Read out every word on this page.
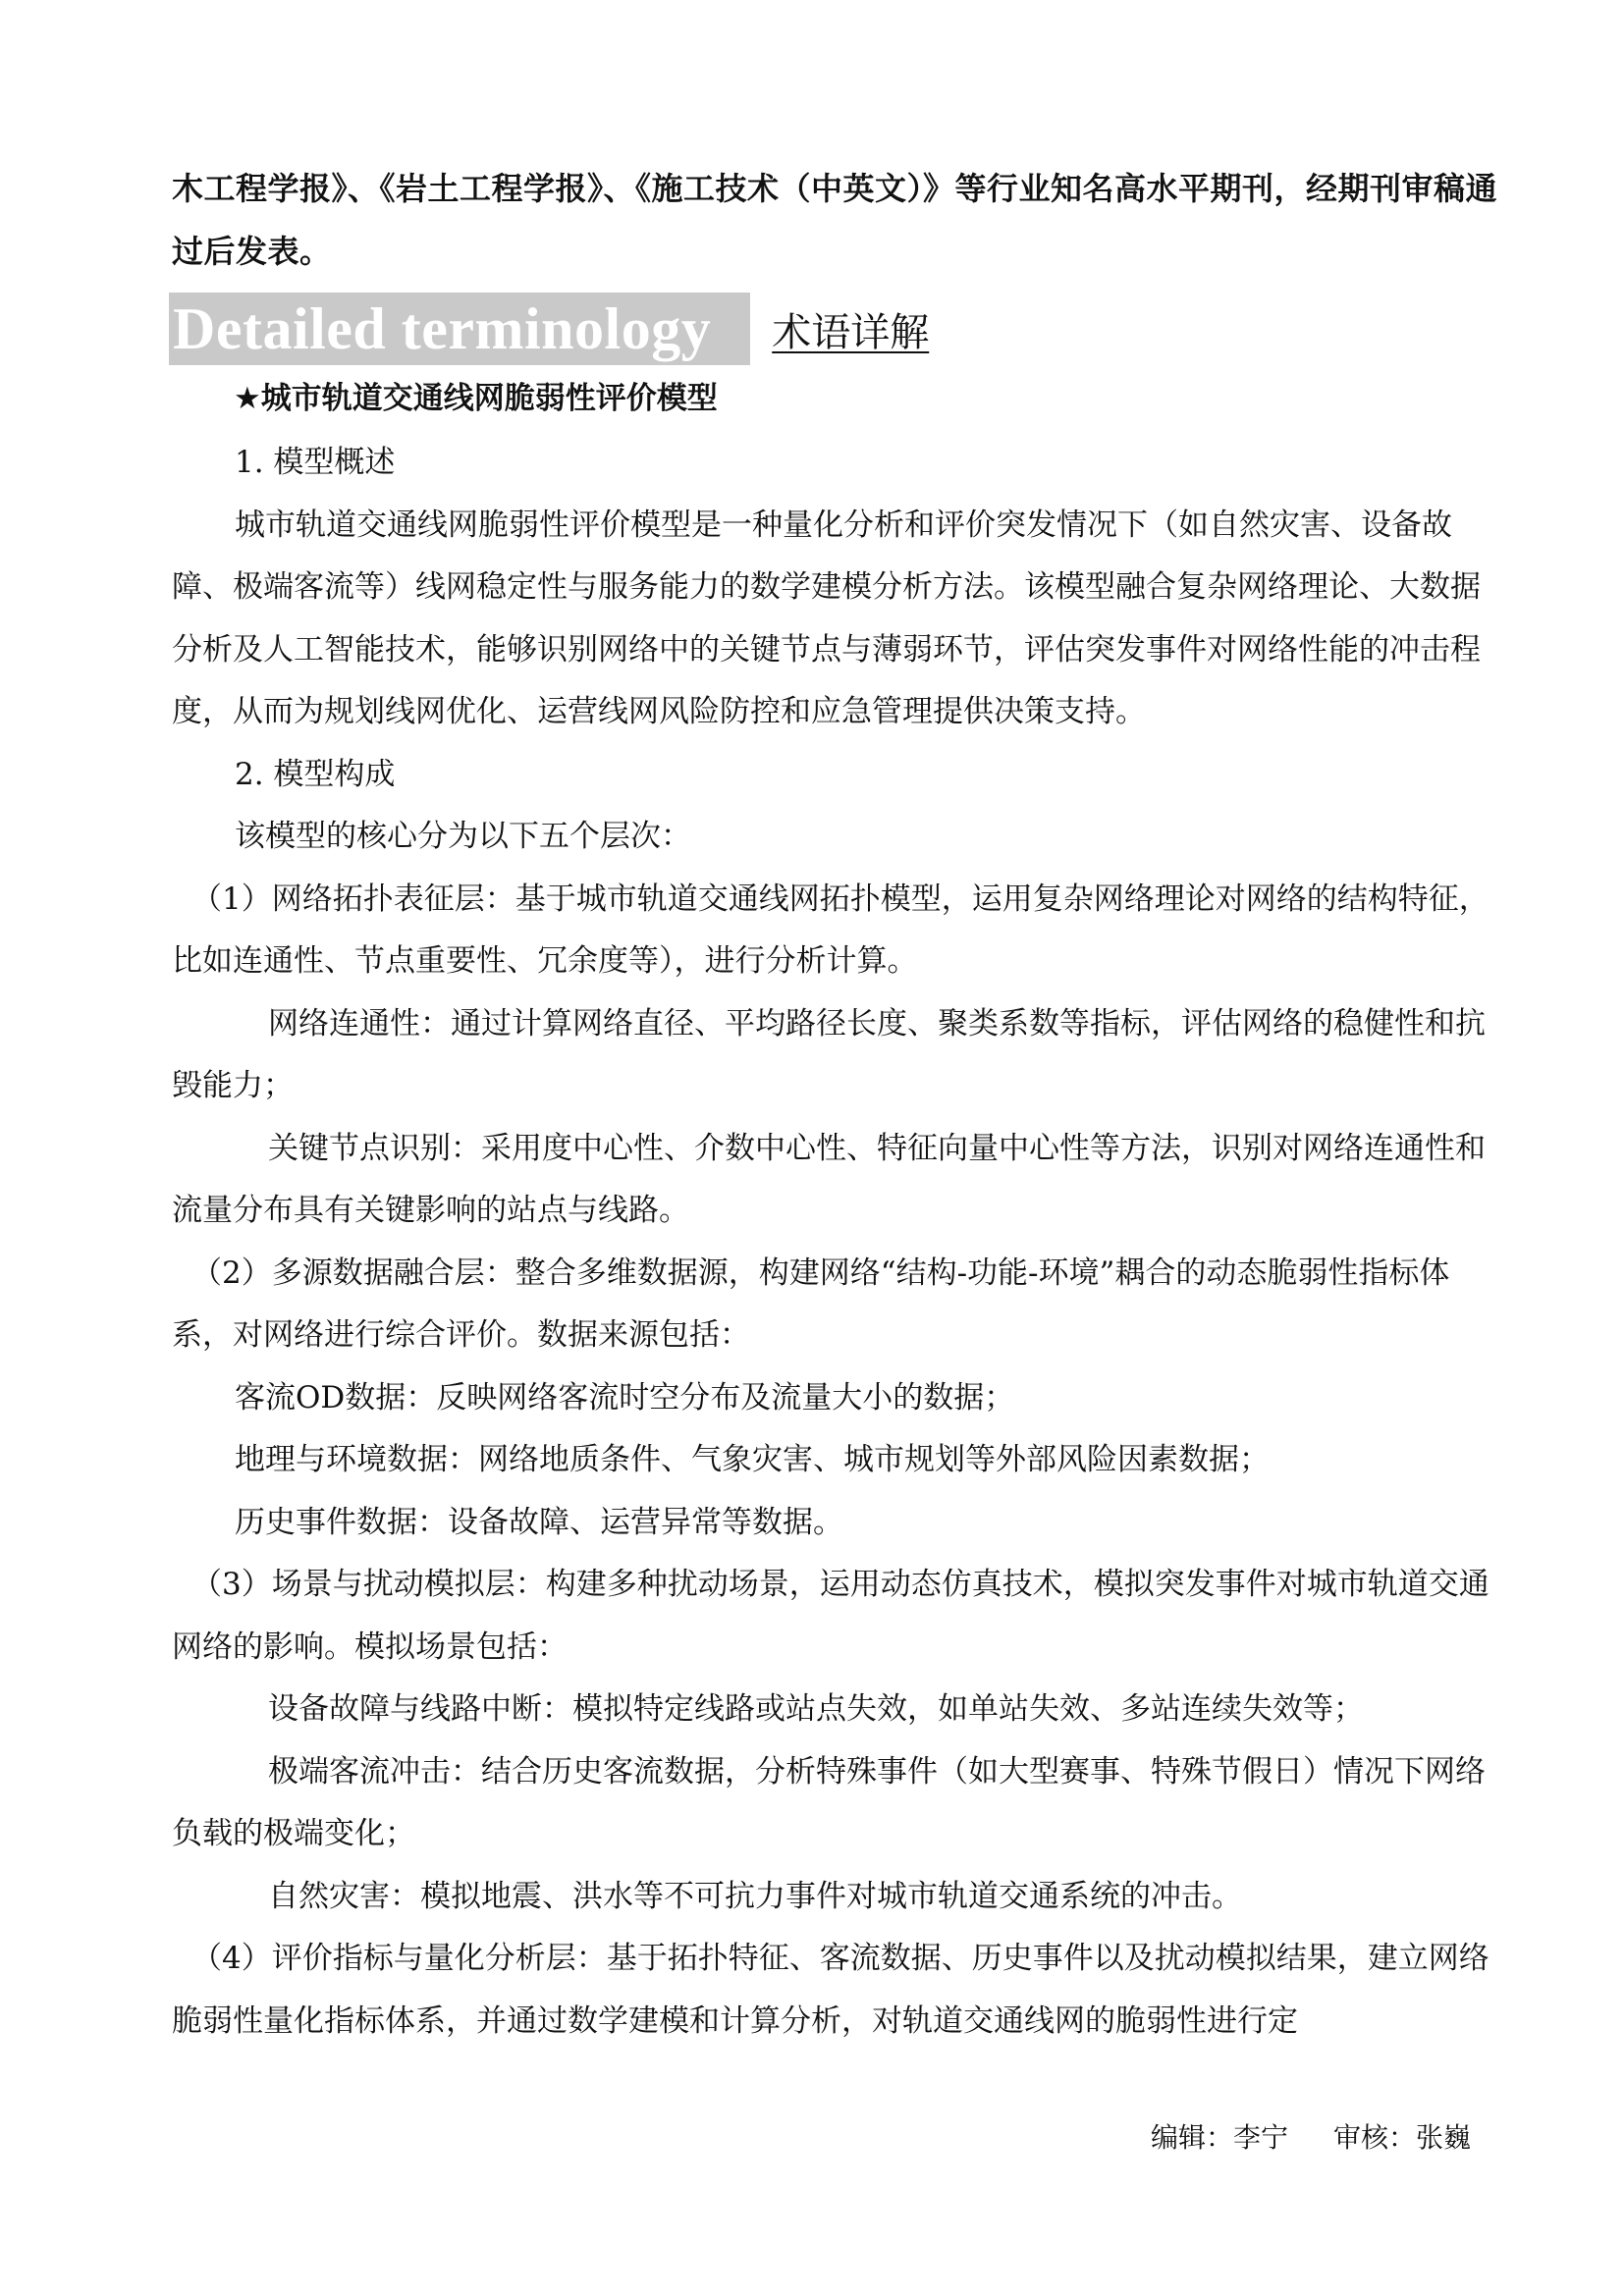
木工程学报》、《岩土工程学报》、《施工技术（中英文）》等行业知名高水平期刊，经期刊审稿通过后发表。
Detailed terminology	术语详解
★城市轨道交通线网脆弱性评价模型

1. 模型概述

城市轨道交通线网脆弱性评价模型是一种量化分析和评价突发情况下（如自然灾害、设备故障、极端客流等）线网稳定性与服务能力的数学建模分析方法。该模型融合复杂网络理论、大数据分析及人工智能技术，能够识别网络中的关键节点与薄弱环节，评估突发事件对网络性能的冲击程度，从而为规划线网优化、运营线网风险防控和应急管理提供决策支持。

2. 模型构成

该模型的核心分为以下五个层次：

（1）网络拓扑表征层：基于城市轨道交通线网拓扑模型，运用复杂网络理论对网络的结构特征，比如连通性、节点重要性、冗余度等），进行分析计算。

网络连通性：通过计算网络直径、平均路径长度、聚类系数等指标，评估网络的稳健性和抗毁能力；

关键节点识别：采用度中心性、介数中心性、特征向量中心性等方法，识别对网络连通性和流量分布具有关键影响的站点与线路。

（2）多源数据融合层：整合多维数据源，构建网络“结构-功能-环境”耦合的动态脆弱性指标体系，对网络进行综合评价。数据来源包括：

客流OD数据：反映网络客流时空分布及流量大小的数据；

地理与环境数据：网络地质条件、气象灾害、城市规划等外部风险因素数据；

历史事件数据：设备故障、运营异常等数据。

（3）场景与扰动模拟层：构建多种扰动场景，运用动态仿真技术，模拟突发事件对城市轨道交通网络的影响。模拟场景包括：

设备故障与线路中断：模拟特定线路或站点失效，如单站失效、多站连续失效等；

极端客流冲击：结合历史客流数据，分析特殊事件（如大型赛事、特殊节假日）情况下网络负载的极端变化；

自然灾害：模拟地震、洪水等不可抗力事件对城市轨道交通系统的冲击。

（4）评价指标与量化分析层：基于拓扑特征、客流数据、历史事件以及扰动模拟结果，建立网络脆弱性量化指标体系，并通过数学建模和计算分析，对轨道交通线网的脆弱性进行定

编辑：李宁 审核：张巍
